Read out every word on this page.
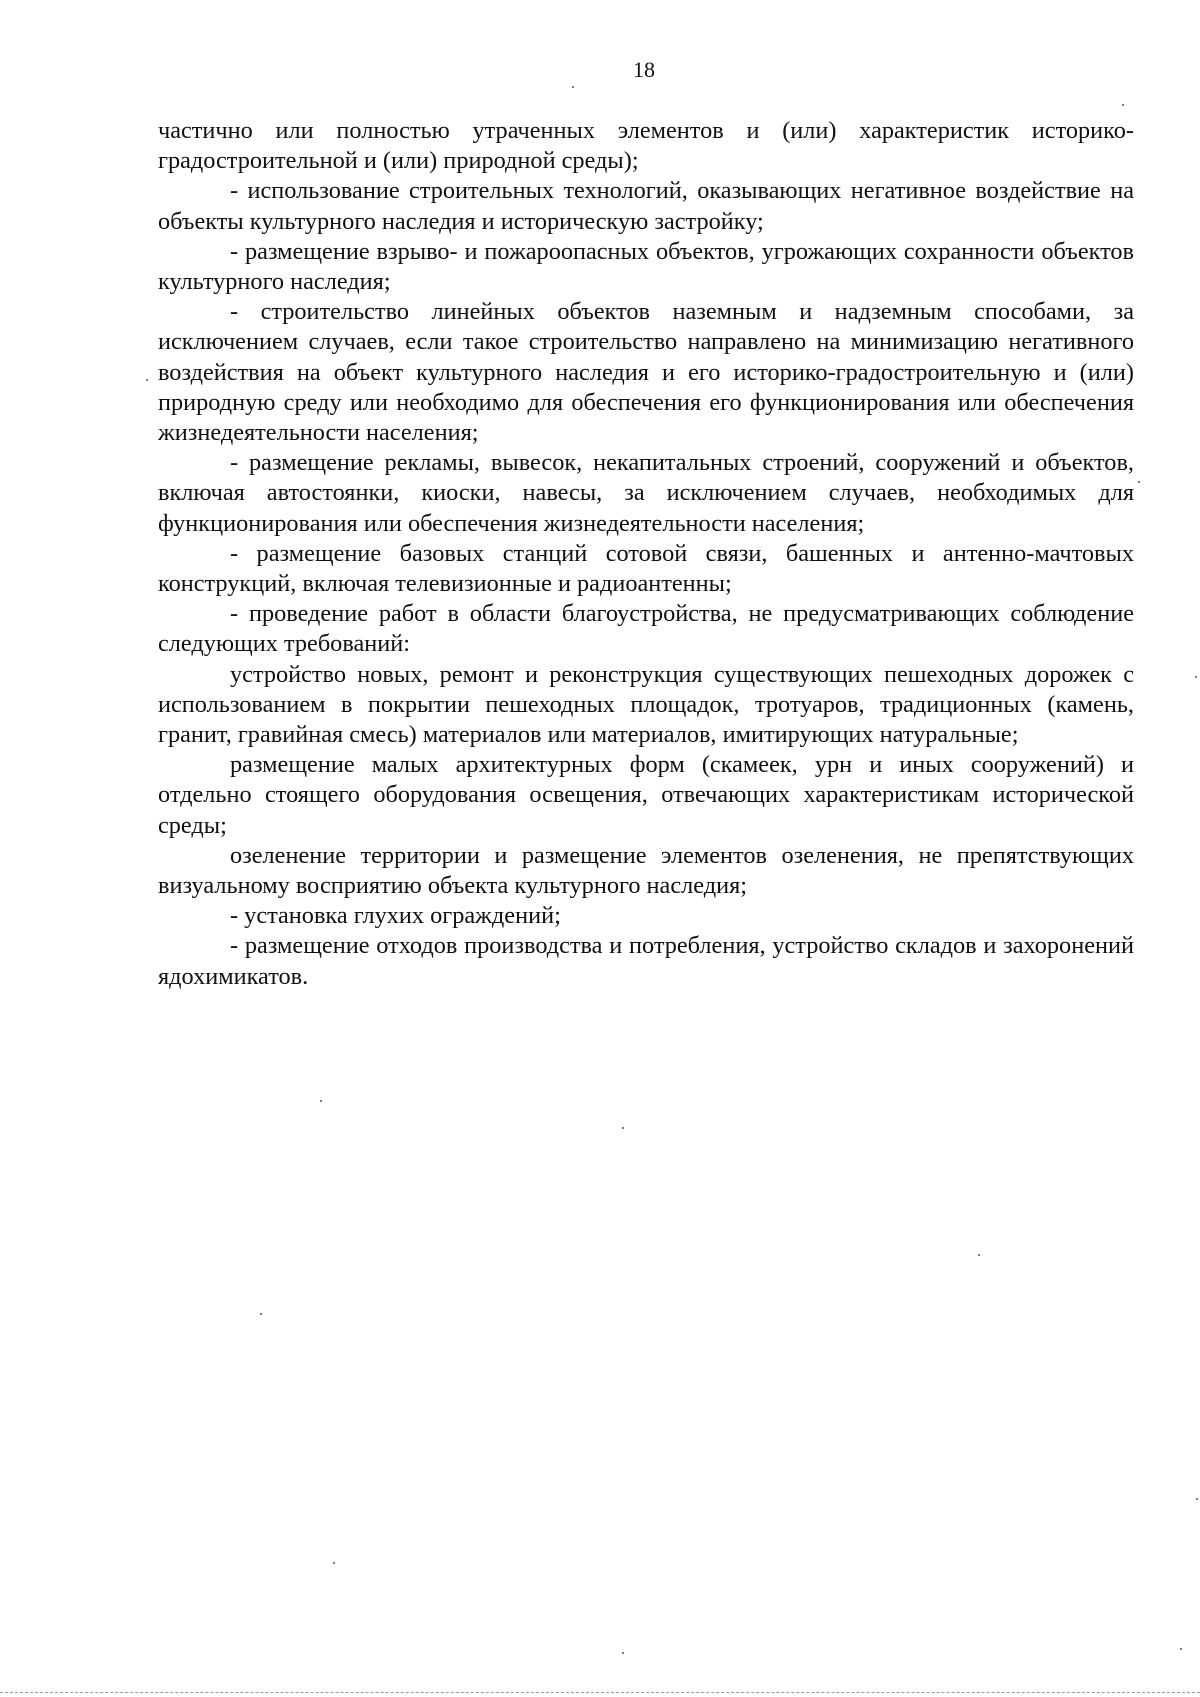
18

частично или полностью утраченных элементов и (или) характеристик историко-градостроительной и (или) природной среды);

- использование строительных технологий, оказывающих негативное воздействие на объекты культурного наследия и историческую застройку;

- размещение взрыво- и пожароопасных объектов, угрожающих сохранности объектов культурного наследия;

- строительство линейных объектов наземным и надземным способами, за исключением случаев, если такое строительство направлено на минимизацию негативного воздействия на объект культурного наследия и его историко-градостроительную и (или) природную среду или необходимо для обеспечения его функционирования или обеспечения жизнедеятельности населения;

- размещение рекламы, вывесок, некапитальных строений, сооружений и объектов, включая автостоянки, киоски, навесы, за исключением случаев, необходимых для функционирования или обеспечения жизнедеятельности населения;

- размещение базовых станций сотовой связи, башенных и антенно-мачтовых конструкций, включая телевизионные и радиоантенны;

- проведение работ в области благоустройства, не предусматривающих соблюдение следующих требований:

устройство новых, ремонт и реконструкция существующих пешеходных дорожек с использованием в покрытии пешеходных площадок, тротуаров, традиционных (камень, гранит, гравийная смесь) материалов или материалов, имитирующих натуральные;

размещение малых архитектурных форм (скамеек, урн и иных сооружений) и отдельно стоящего оборудования освещения, отвечающих характеристикам исторической среды;

озеленение территории и размещение элементов озеленения, не препятствующих визуальному восприятию объекта культурного наследия;

- установка глухих ограждений;

- размещение отходов производства и потребления, устройство складов и захоронений ядохимикатов.
